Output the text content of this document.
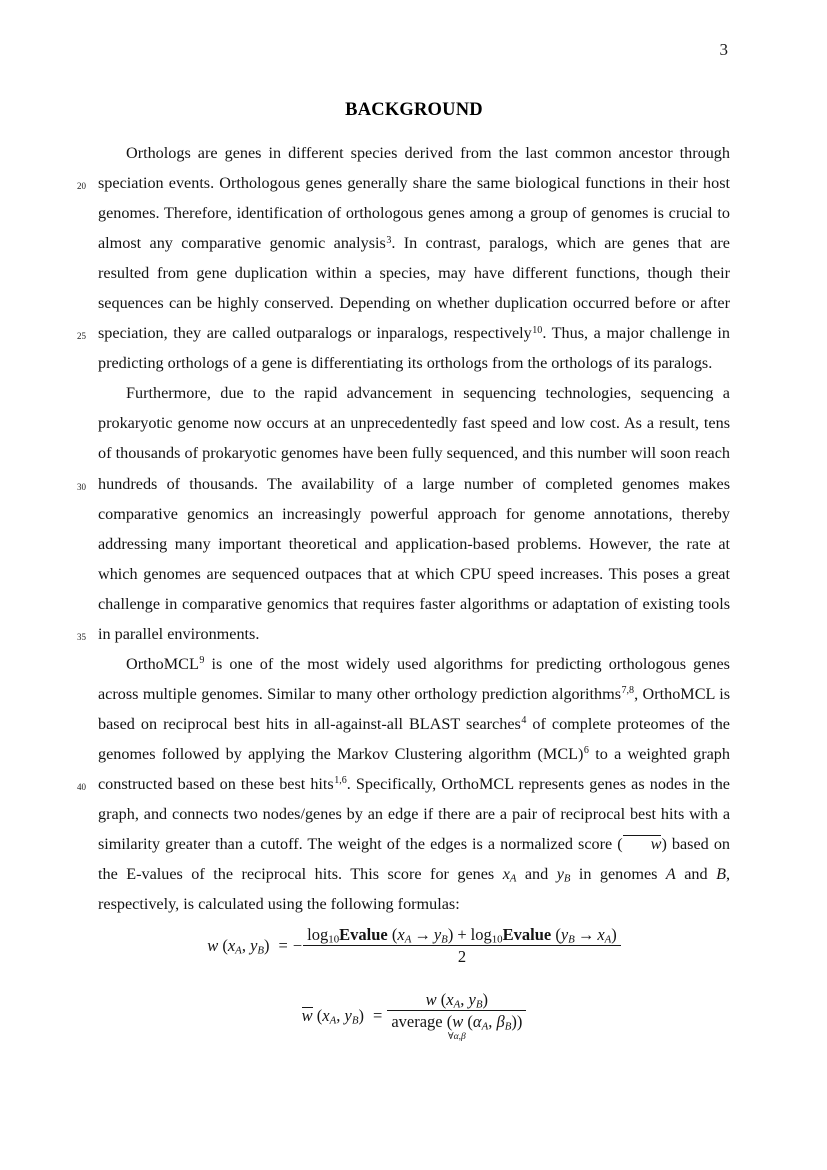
3
BACKGROUND
20
25
30
35
40

Orthologs are genes in different species derived from the last common ancestor through speciation events. Orthologous genes generally share the same biological functions in their host genomes. Therefore, identification of orthologous genes among a group of genomes is crucial to almost any comparative genomic analysis$^3$. In contrast, paralogs, which are genes that are resulted from gene duplication within a species, may have different functions, though their sequences can be highly conserved. Depending on whether duplication occurred before or after speciation, they are called outparalogs or inparalogs, respectively$^{10}$. Thus, a major challenge in predicting orthologs of a gene is differentiating its orthologs from the orthologs of its paralogs.

Furthermore, due to the rapid advancement in sequencing technologies, sequencing a prokaryotic genome now occurs at an unprecedentedly fast speed and low cost. As a result, tens of thousands of prokaryotic genomes have been fully sequenced, and this number will soon reach hundreds of thousands. The availability of a large number of completed genomes makes comparative genomics an increasingly powerful approach for genome annotations, thereby addressing many important theoretical and application-based problems. However, the rate at which genomes are sequenced outpaces that at which CPU speed increases. This poses a great challenge in comparative genomics that requires faster algorithms or adaptation of existing tools in parallel environments.

OrthoMCL$^9$ is one of the most widely used algorithms for predicting orthologous genes across multiple genomes. Similar to many other orthology prediction algorithms$^{7,8}$, OrthoMCL is based on reciprocal best hits in all-against-all BLAST searches$^4$ of complete proteomes of the genomes followed by applying the Markov Clustering algorithm (MCL)$^6$ to a weighted graph constructed based on these best hits$^{1,6}$. Specifically, OrthoMCL represents genes as nodes in the graph, and connects two nodes/genes by an edge if there are a pair of reciprocal best hits with a similarity greater than a cutoff. The weight of the edges is a normalized score ( w) based on the E-values of the reciprocal hits. This score for genes $x_A$ and $y_B$ in genomes A and B, respectively, is calculated using the following formulas:

w ($x_A$, $y_B$) = − $\frac{\log_{10}Evalue (x_A \to y_B) + \log_{10}Evalue (y_B \to x_A)}{2}$
w ($x_A$, $y_B) = w$ ($x_A$, $y_B$)
average (w ($\alpha_A$, $\beta_B$))
∀α,β
